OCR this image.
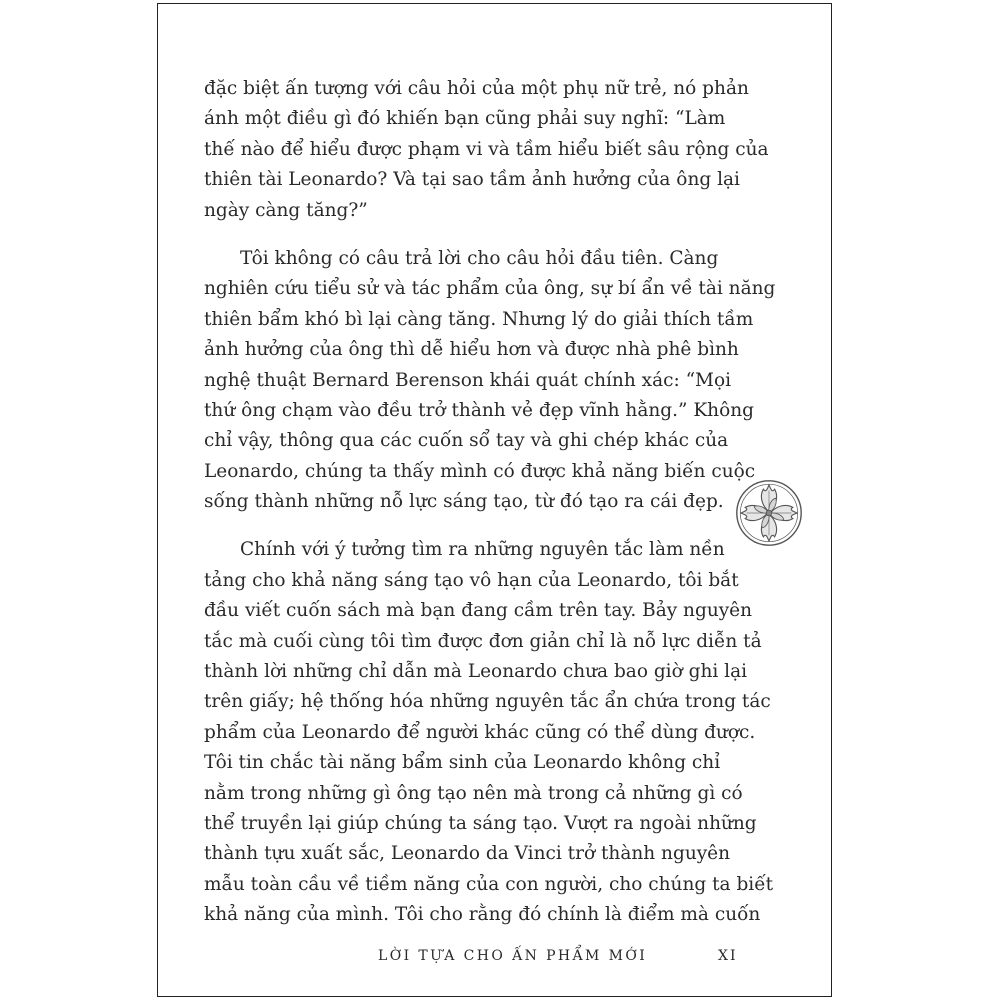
đặc biệt ấn tượng với câu hỏi của một phụ nữ trẻ, nó phản
ánh một điều gì đó khiến bạn cũng phải suy nghĩ: “Làm
thế nào để hiểu được phạm vi và tầm hiểu biết sâu rộng của
thiên tài Leonardo? Và tại sao tầm ảnh hưởng của ông lại
ngày càng tăng?”
Tôi không có câu trả lời cho câu hỏi đầu tiên. Càng
nghiên cứu tiểu sử và tác phẩm của ông, sự bí ẩn về tài năng
thiên bẩm khó bì lại càng tăng. Nhưng lý do giải thích tầm
ảnh hưởng của ông thì dễ hiểu hơn và được nhà phê bình
nghệ thuật Bernard Berenson khái quát chính xác: “Mọi
thứ ông chạm vào đều trở thành vẻ đẹp vĩnh hằng.” Không
chỉ vậy, thông qua các cuốn sổ tay và ghi chép khác của
Leonardo, chúng ta thấy mình có được khả năng biến cuộc
sống thành những nỗ lực sáng tạo, từ đó tạo ra cái đẹp.
Chính với ý tưởng tìm ra những nguyên tắc làm nền
tảng cho khả năng sáng tạo vô hạn của Leonardo, tôi bắt
đầu viết cuốn sách mà bạn đang cầm trên tay. Bảy nguyên
tắc mà cuối cùng tôi tìm được đơn giản chỉ là nỗ lực diễn tả
thành lời những chỉ dẫn mà Leonardo chưa bao giờ ghi lại
trên giấy; hệ thống hóa những nguyên tắc ẩn chứa trong tác
phẩm của Leonardo để người khác cũng có thể dùng được.
Tôi tin chắc tài năng bẩm sinh của Leonardo không chỉ
nằm trong những gì ông tạo nên mà trong cả những gì có
thể truyền lại giúp chúng ta sáng tạo. Vượt ra ngoài những
thành tựu xuất sắc, Leonardo da Vinci trở thành nguyên
mẫu toàn cầu về tiềm năng của con người, cho chúng ta biết
khả năng của mình. Tôi cho rằng đó chính là điểm mà cuốn
LỜI TỰA CHO ẤN PHẨM MỚI	XI
